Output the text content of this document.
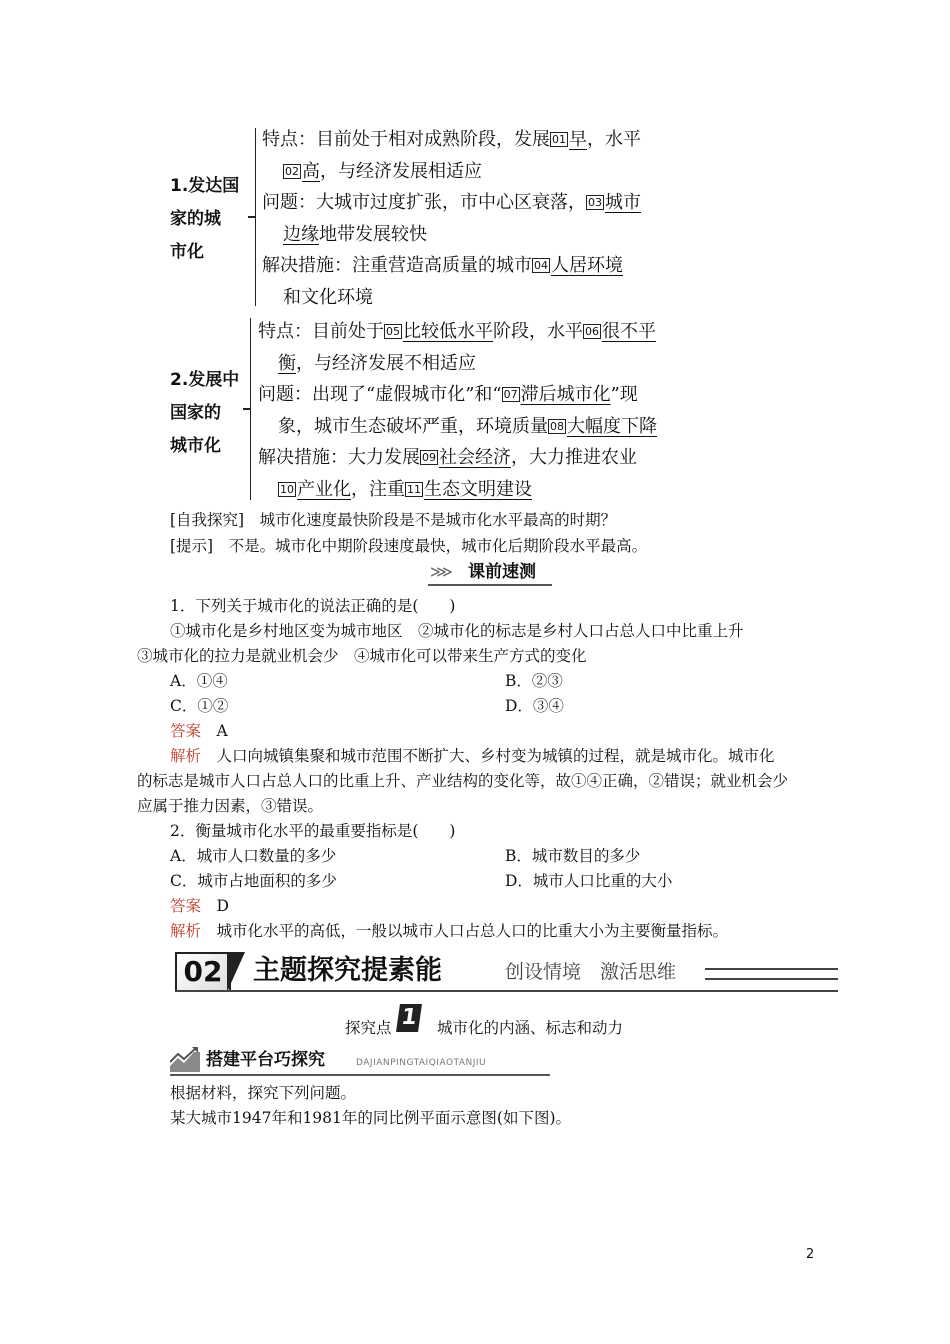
1.发达国
家的城
市化
特点：目前处于相对成熟阶段，发展 01 早，水平
02 高，与经济发展相适应
问题：大城市过度扩张，市中心区衰落， 03 城市
边缘地带发展较快
解决措施：注重营造高质量的城市 04 人居环境
和文化环境
2.发展中
国家的
城市化
特点：目前处于 05 比较低水平阶段，水平 06 很不平
衡，与经济发展不相适应
问题：出现了“虚假城市化”和“ 07 滞后城市化”现
象，城市生态破坏严重，环境质量 08 大幅度下降
解决措施：大力发展 09 社会经济，大力推进农业
10 产业化，注重 11 生态文明建设
[自我探究]　 城市化速度最快阶段是不是城市化水平最高的时期？
[提示]　 不是。城市化中期阶段速度最快，城市化后期阶段水平最高。
⋙ 课前速测
1．下列关于城市化的说法正确的是(　　)
①城市化是乡村地区变为城市地区　②城市化的标志是乡村人口占总人口中比重上升
③城市化的拉力是就业机会少　④城市化可以带来生产方式的变化
A．①④	B．②③
C．①②	D．③④
答案　 A
解析　 人口向城镇集聚和城市范围不断扩大、乡村变为城镇的过程，就是城市化。城市化
的标志是城市人口占总人口的比重上升、产业结构的变化等，故①④正确，②错误；就业机会少
应属于推力因素，③错误。
2．衡量城市化水平的最重要指标是(　　)
A．城市人口数量的多少	B．城市数目的多少
C．城市占地面积的多少	D．城市人口比重的大小
答案　 D
解析　 城市化水平的高低，一般以城市人口占总人口的比重大小为主要衡量指标。
02	主题探究提素能	创设情境　激活思维
探究点 1 城市化的内涵、标志和动力
搭建平台巧探究	DAJIANPINGTAIQIAOTANJIU
根据材料，探究下列问题。
某大城市1947年和1981年的同比例平面示意图(如下图)。
2
